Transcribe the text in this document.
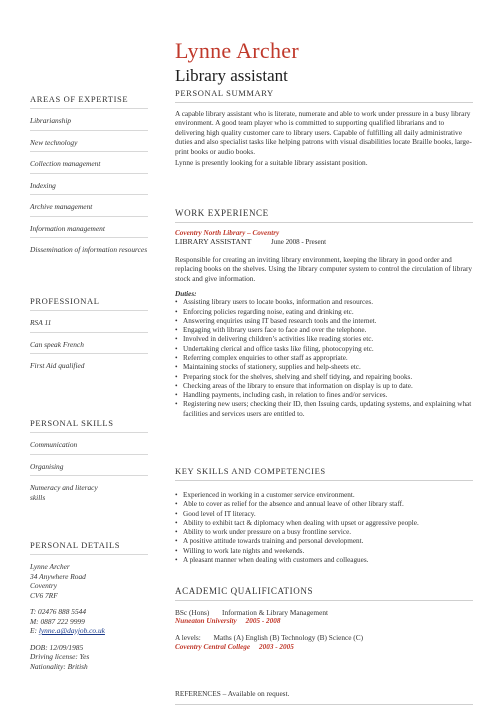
Lynne Archer
Library assistant
AREAS OF EXPERTISE
Librarianship
New technology
Collection management
Indexing
Archive management
Information management
Dissemination of information resources
PROFESSIONAL
RSA 11
Can speak French
First Aid qualified
PERSONAL SKILLS
Communication
Organising
Numeracy and literacy skills
PERSONAL DETAILS
Lynne Archer
34 Anywhere Road
Coventry
CV6 7RF
T: 02476 888 5544
M: 0887 222 9999
E: lynne.a@dayjob.co.uk
DOB: 12/09/1985
Driving license: Yes
Nationality: British
PERSONAL SUMMARY
A capable library assistant who is literate, numerate and able to work under pressure in a busy library environment. A good team player who is committed to supporting qualified librarians and to delivering high quality customer care to library users. Capable of fulfilling all daily administrative duties and also specialist tasks like helping patrons with visual disabilities locate Braille books, large-print books or audio books.
Lynne is presently looking for a suitable library assistant position.
WORK EXPERIENCE
Coventry North Library – Coventry
LIBRARY ASSISTANT	June 2008 - Present
Responsible for creating an inviting library environment, keeping the library in good order and replacing books on the shelves. Using the library computer system to control the circulation of library stock and give information.
Duties:
• Assisting library users to locate books, information and resources.
• Enforcing policies regarding noise, eating and drinking etc.
• Answering enquiries using IT based research tools and the internet.
• Engaging with library users face to face and over the telephone.
• Involved in delivering children’s activities like reading stories etc.
• Undertaking clerical and office tasks like filing, photocopying etc.
• Referring complex enquiries to other staff as appropriate.
• Maintaining stocks of stationery, supplies and help-sheets etc.
• Preparing stock for the shelves, shelving and shelf tidying, and repairing books.
• Checking areas of the library to ensure that information on display is up to date.
• Handling payments, including cash, in relation to fines and/or services.
• Registering new users; checking their ID, then Issuing cards, updating systems, and explaining what facilities and services users are entitled to.
KEY SKILLS AND COMPETENCIES
• Experienced in working in a customer service environment.
• Able to cover as relief for the absence and annual leave of other library staff.
• Good level of IT literacy.
• Ability to exhibit tact & diplomacy when dealing with upset or aggressive people.
• Ability to work under pressure on a busy frontline service.
• A positive attitude towards training and personal development.
• Willing to work late nights and weekends.
• A pleasant manner when dealing with customers and colleagues.
ACADEMIC QUALIFICATIONS
BSc (Hons)       Information & Library Management
Nuneaton University     2005 - 2008
A levels:       Maths (A) English (B) Technology (B) Science (C)
Coventry Central College     2003 - 2005
REFERENCES – Available on request.
